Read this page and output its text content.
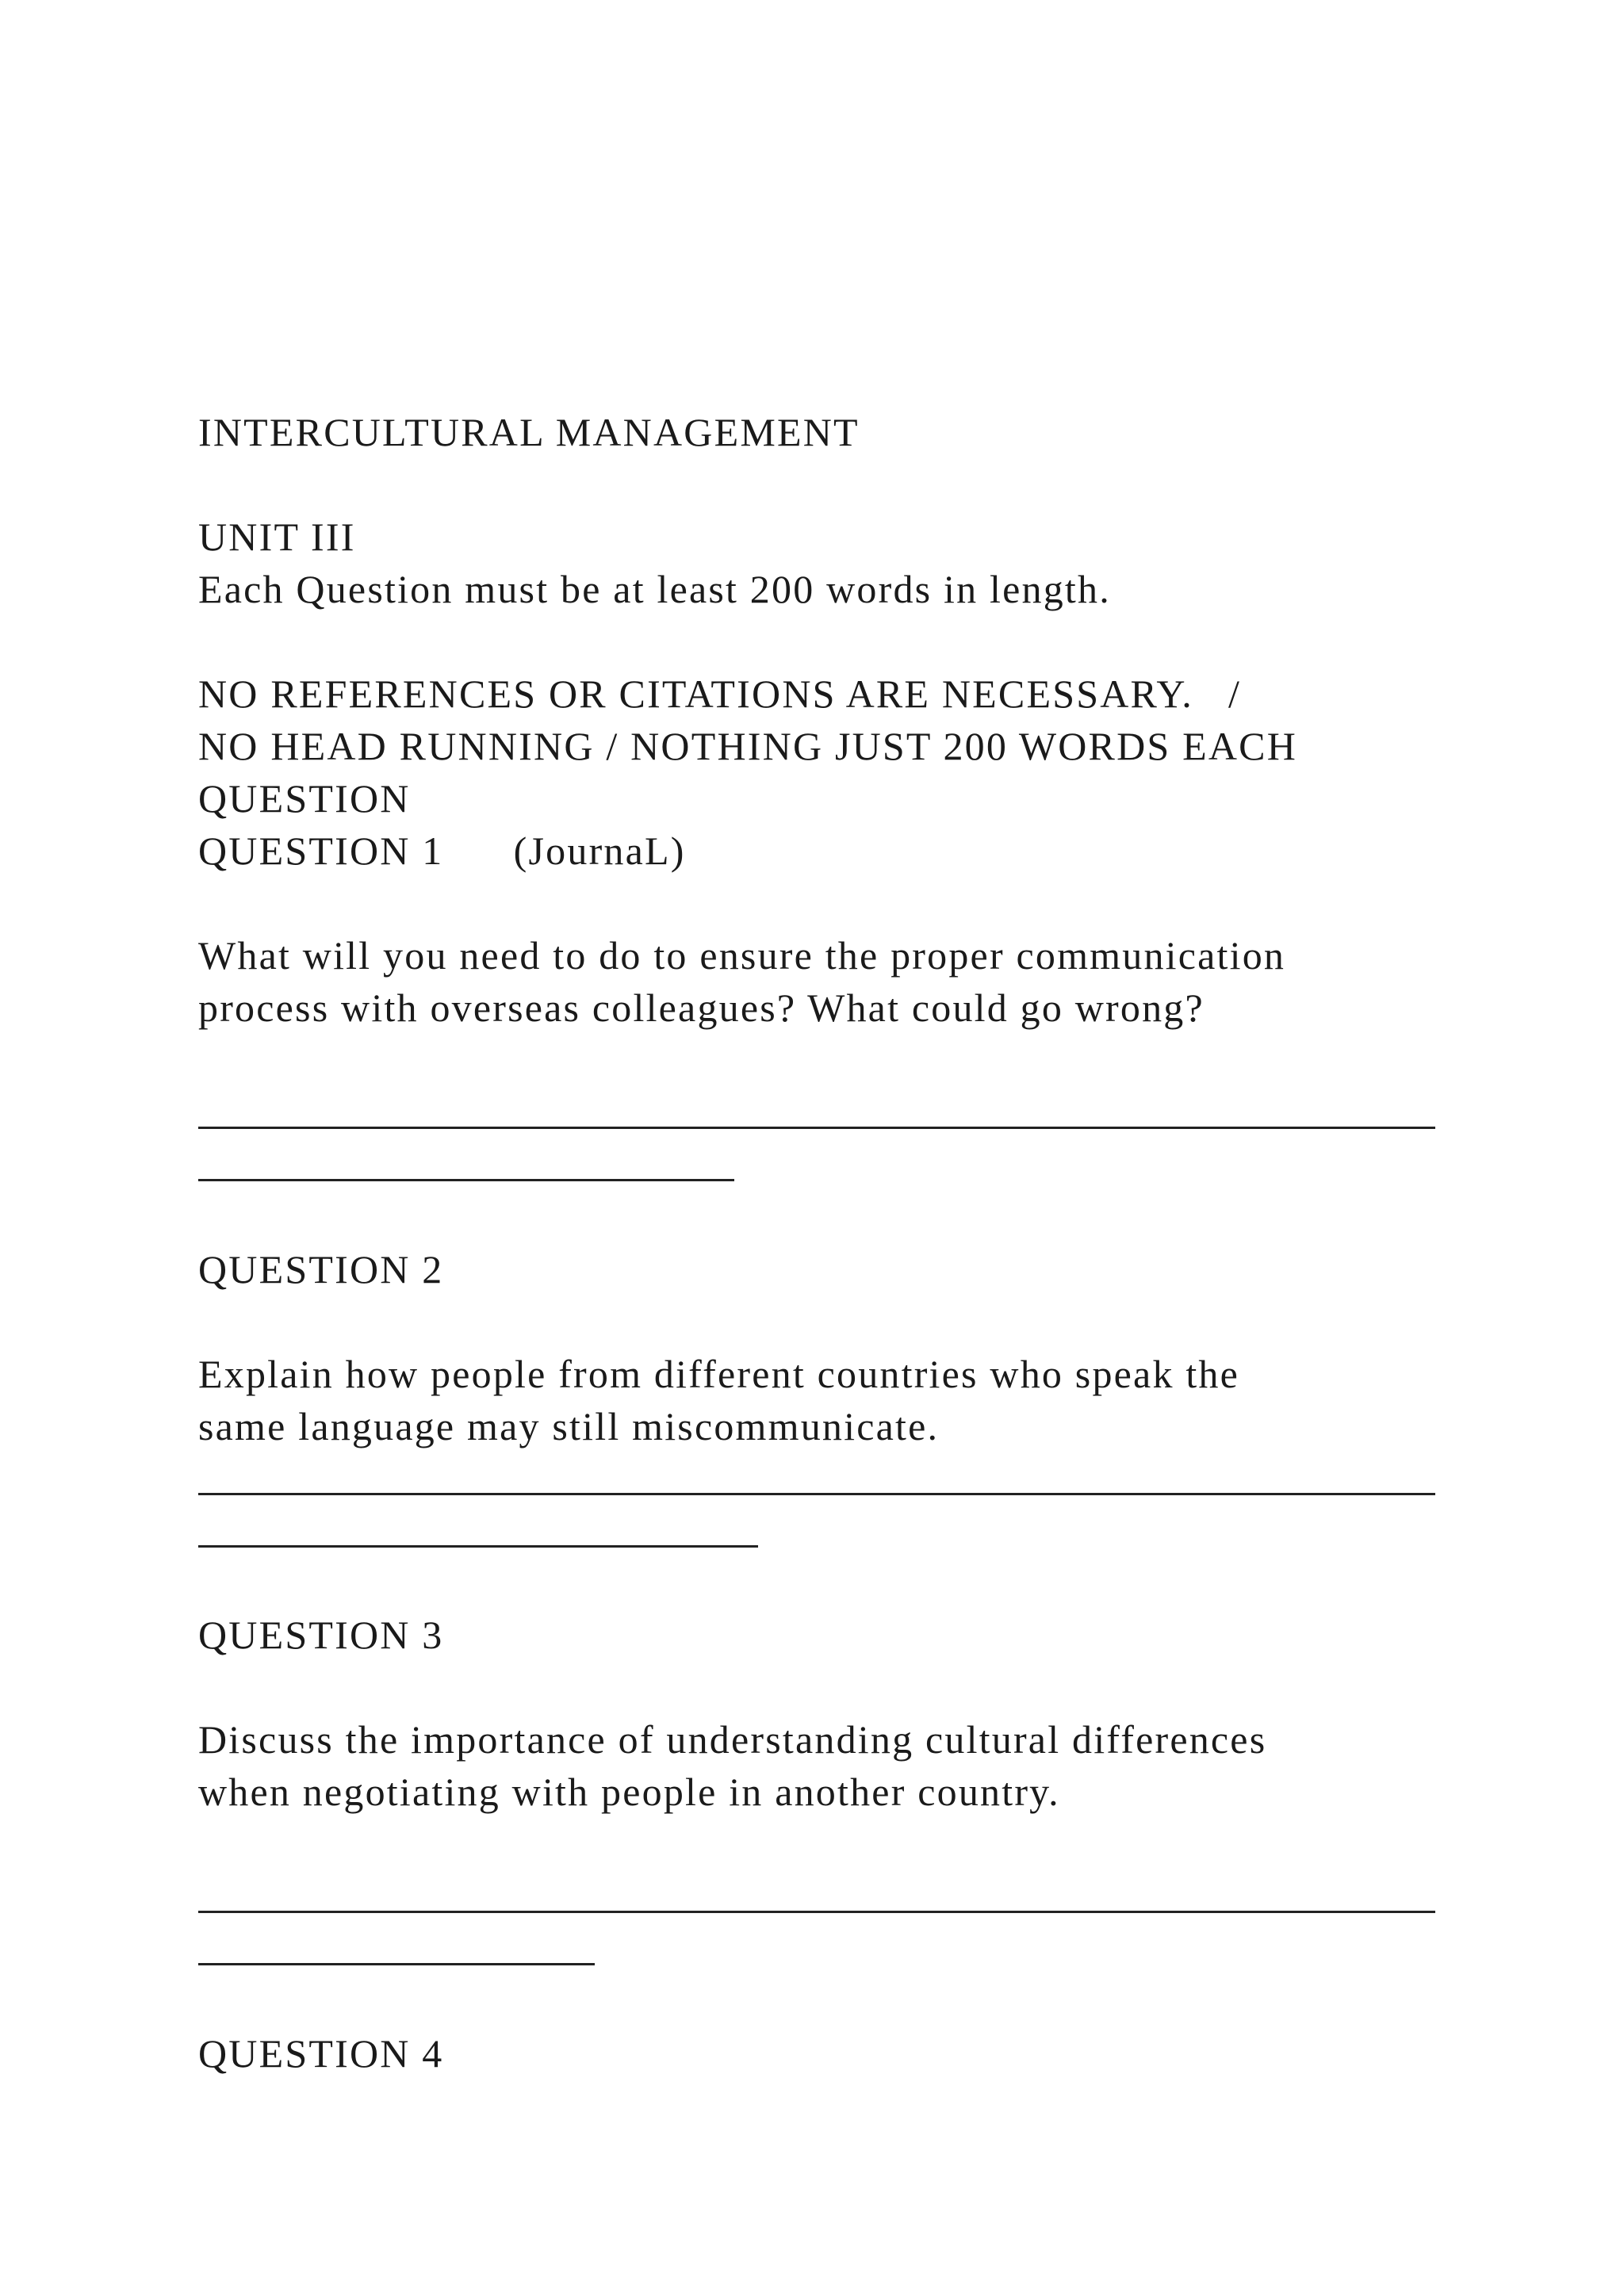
INTERCULTURAL MANAGEMENT
UNIT III
Each Question must be at least 200 words in length.
NO REFERENCES OR CITATIONS ARE NECESSARY.   /
NO HEAD RUNNING / NOTHING JUST 200 WORDS EACH
QUESTION
QUESTION 1      (JournaL)
What will you need to do to ensure the proper communication
process with overseas colleagues? What could go wrong?
QUESTION 2
Explain how people from different countries who speak the
same language may still miscommunicate.
QUESTION 3
Discuss the importance of understanding cultural differences
when negotiating with people in another country.
QUESTION 4
